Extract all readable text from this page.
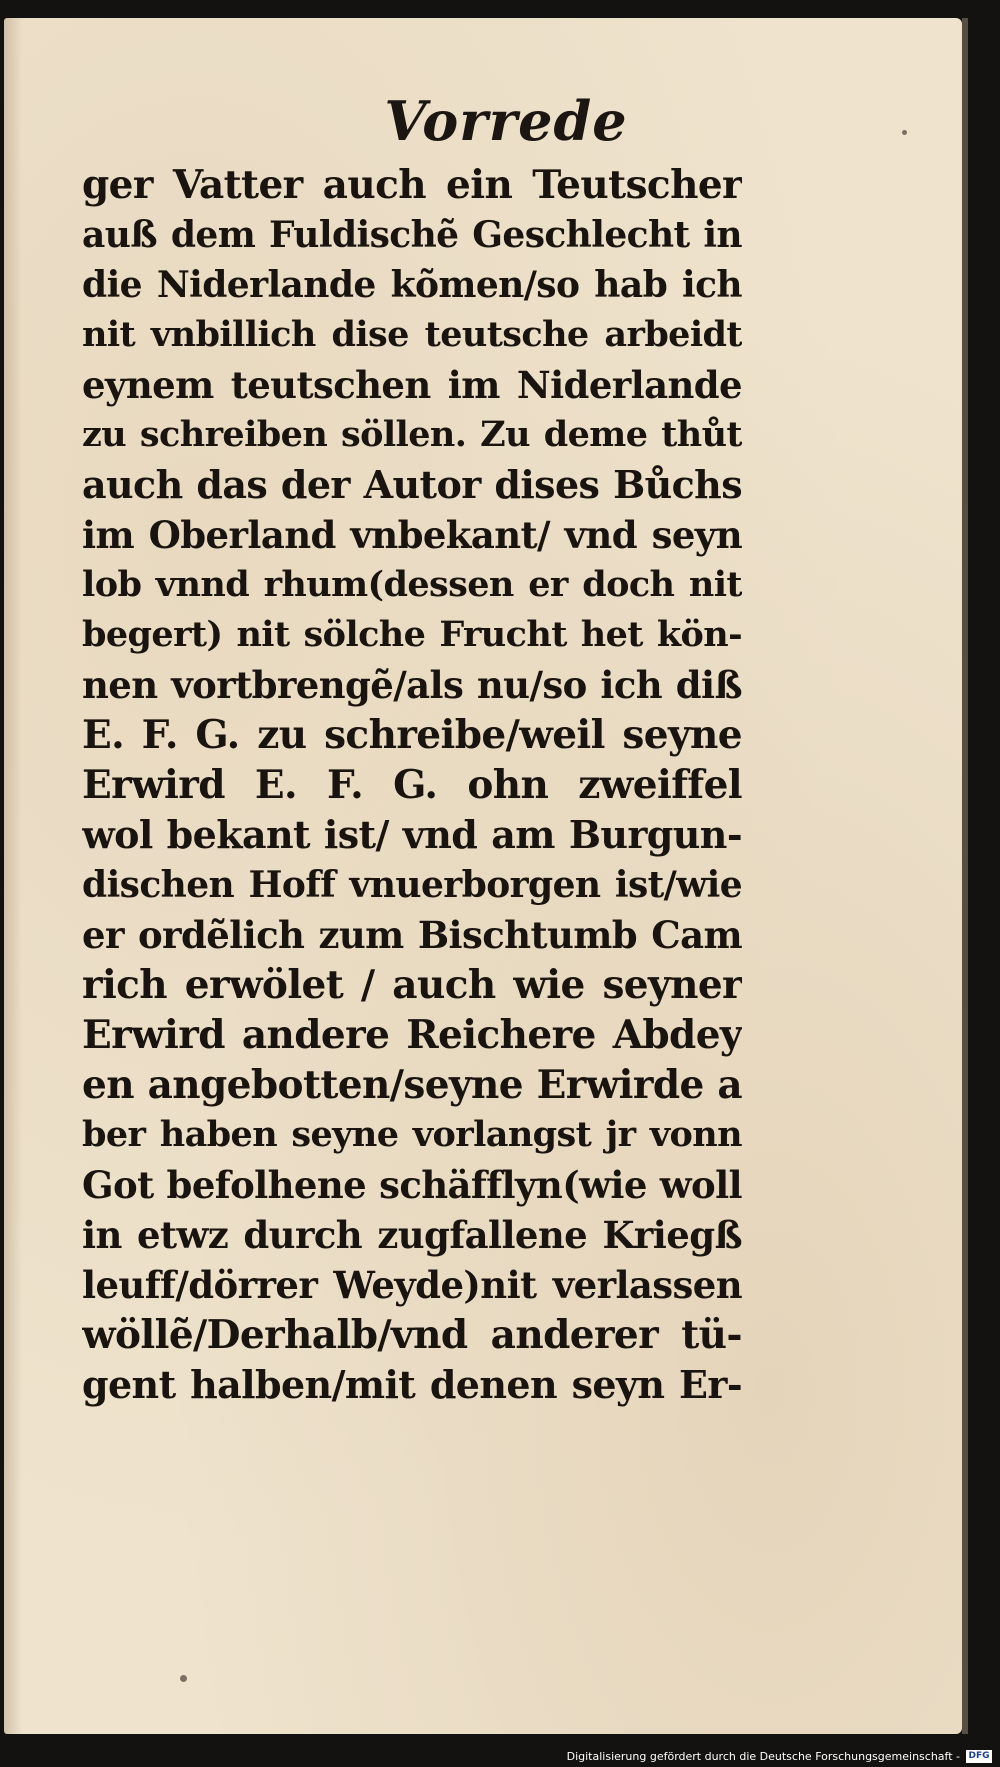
Vorrede
ger Vatter auch ein Teutscher
auß dem Fuldischẽ Geschlecht in
die Niderlande kõmen/so hab ich
nit vnbillich dise teutsche arbeidt
eynem teutschen im Niderlande
zu schreiben söllen. Zu deme thůt
auch das der Autor dises Bůchs
im Oberland vnbekant/ vnd seyn
lob vnnd rhum(dessen er doch nit
begert) nit sölche Frucht het kön-
nen vortbrengẽ/als nu/so ich diß
E. F. G. zu schreibe/weil seyne
Erwird E. F. G. ohn zweiffel
wol bekant ist/ vnd am Burgun-
dischen Hoff vnuerborgen ist/wie
er ordẽlich zum Bischtumb Cam
rich erwölet / auch wie seyner
Erwird andere Reichere Abdey
en angebotten/seyne Erwirde a
ber haben seyne vorlangst jr vonn
Got befolhene schäfflyn(wie woll
in etwz durch zugfallene Kriegß
leuff/dörrer Weyde)nit verlassen
wöllẽ/Derhalb/vnd anderer tü-
gent halben/mit denen seyn Er-
Digitalisierung gefördert durch die Deutsche Forschungsgemeinschaft - DFG
